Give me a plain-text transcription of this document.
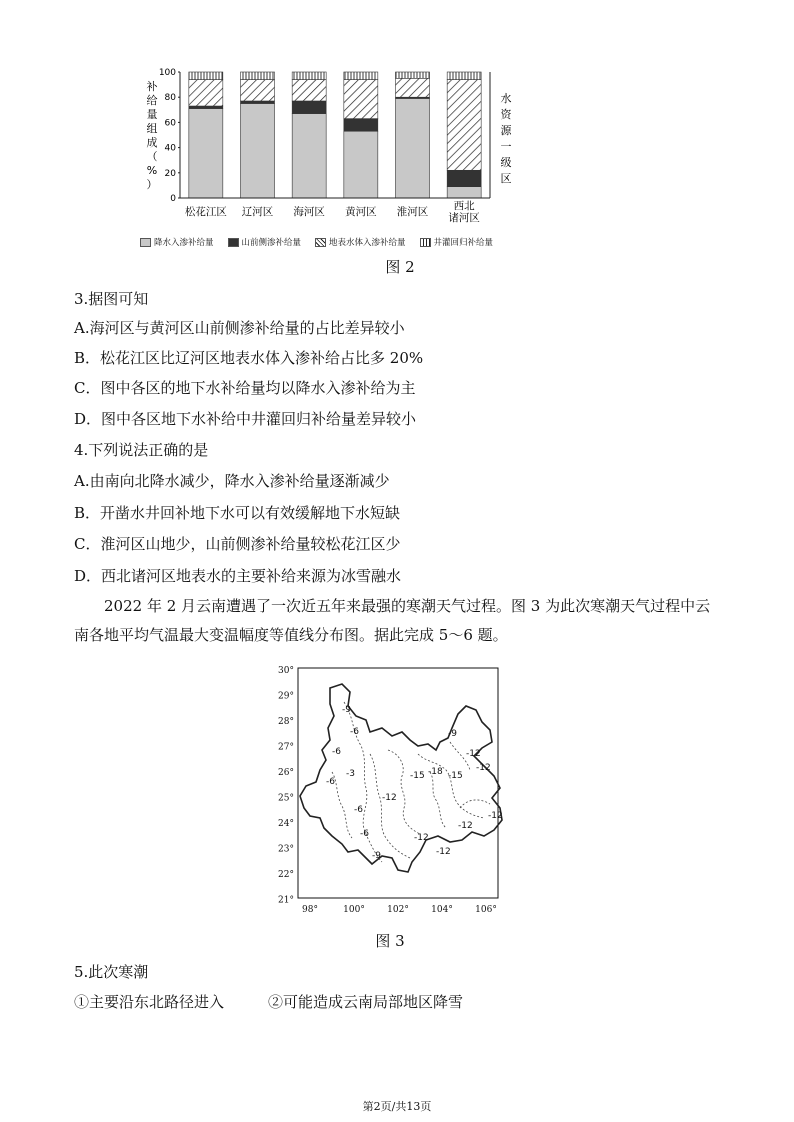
松花江区 辽河区 海河区 黄河区 淮河区	西北诸河区
0
20
40
60
80
100
补给量组成（%）
水资源一级区
降水入渗补给量	山前侧渗补给量	地表水体入渗补给量	井灌回归补给量
图 2
3.据图可知
A.海河区与黄河区山前侧渗补给量的占比差异较小
B．松花江区比辽河区地表水体入渗补给占比多 20%
C．图中各区的地下水补给量均以降水入渗补给为主
D．图中各区地下水补给中井灌回归补给量差异较小
4.下列说法正确的是
A.由南向北降水减少，降水入渗补给量逐渐减少
B．开凿水井回补地下水可以有效缓解地下水短缺
C．淮河区山地少，山前侧渗补给量较松花江区少
D．西北诸河区地表水的主要补给来源为冰雪融水
2022 年 2 月云南遭遇了一次近五年来最强的寒潮天气过程。图 3 为此次寒潮天气过程中云南各地平均气温最大变温幅度等值线分布图。据此完成 5～6 题。
30°
29°
28°
27°
26°
25°
24°
23°
22°
21°
98°	100° 102° 104° 106°
-9
-6	-9
-6
-3	-15 -18 -15
-12
-12
-6
-6
-6
-9
-12
-12
-12
-12
-12
图 3
5.此次寒潮
①主要沿东北路径进入	②可能造成云南局部地区降雪
第2页/共13页
